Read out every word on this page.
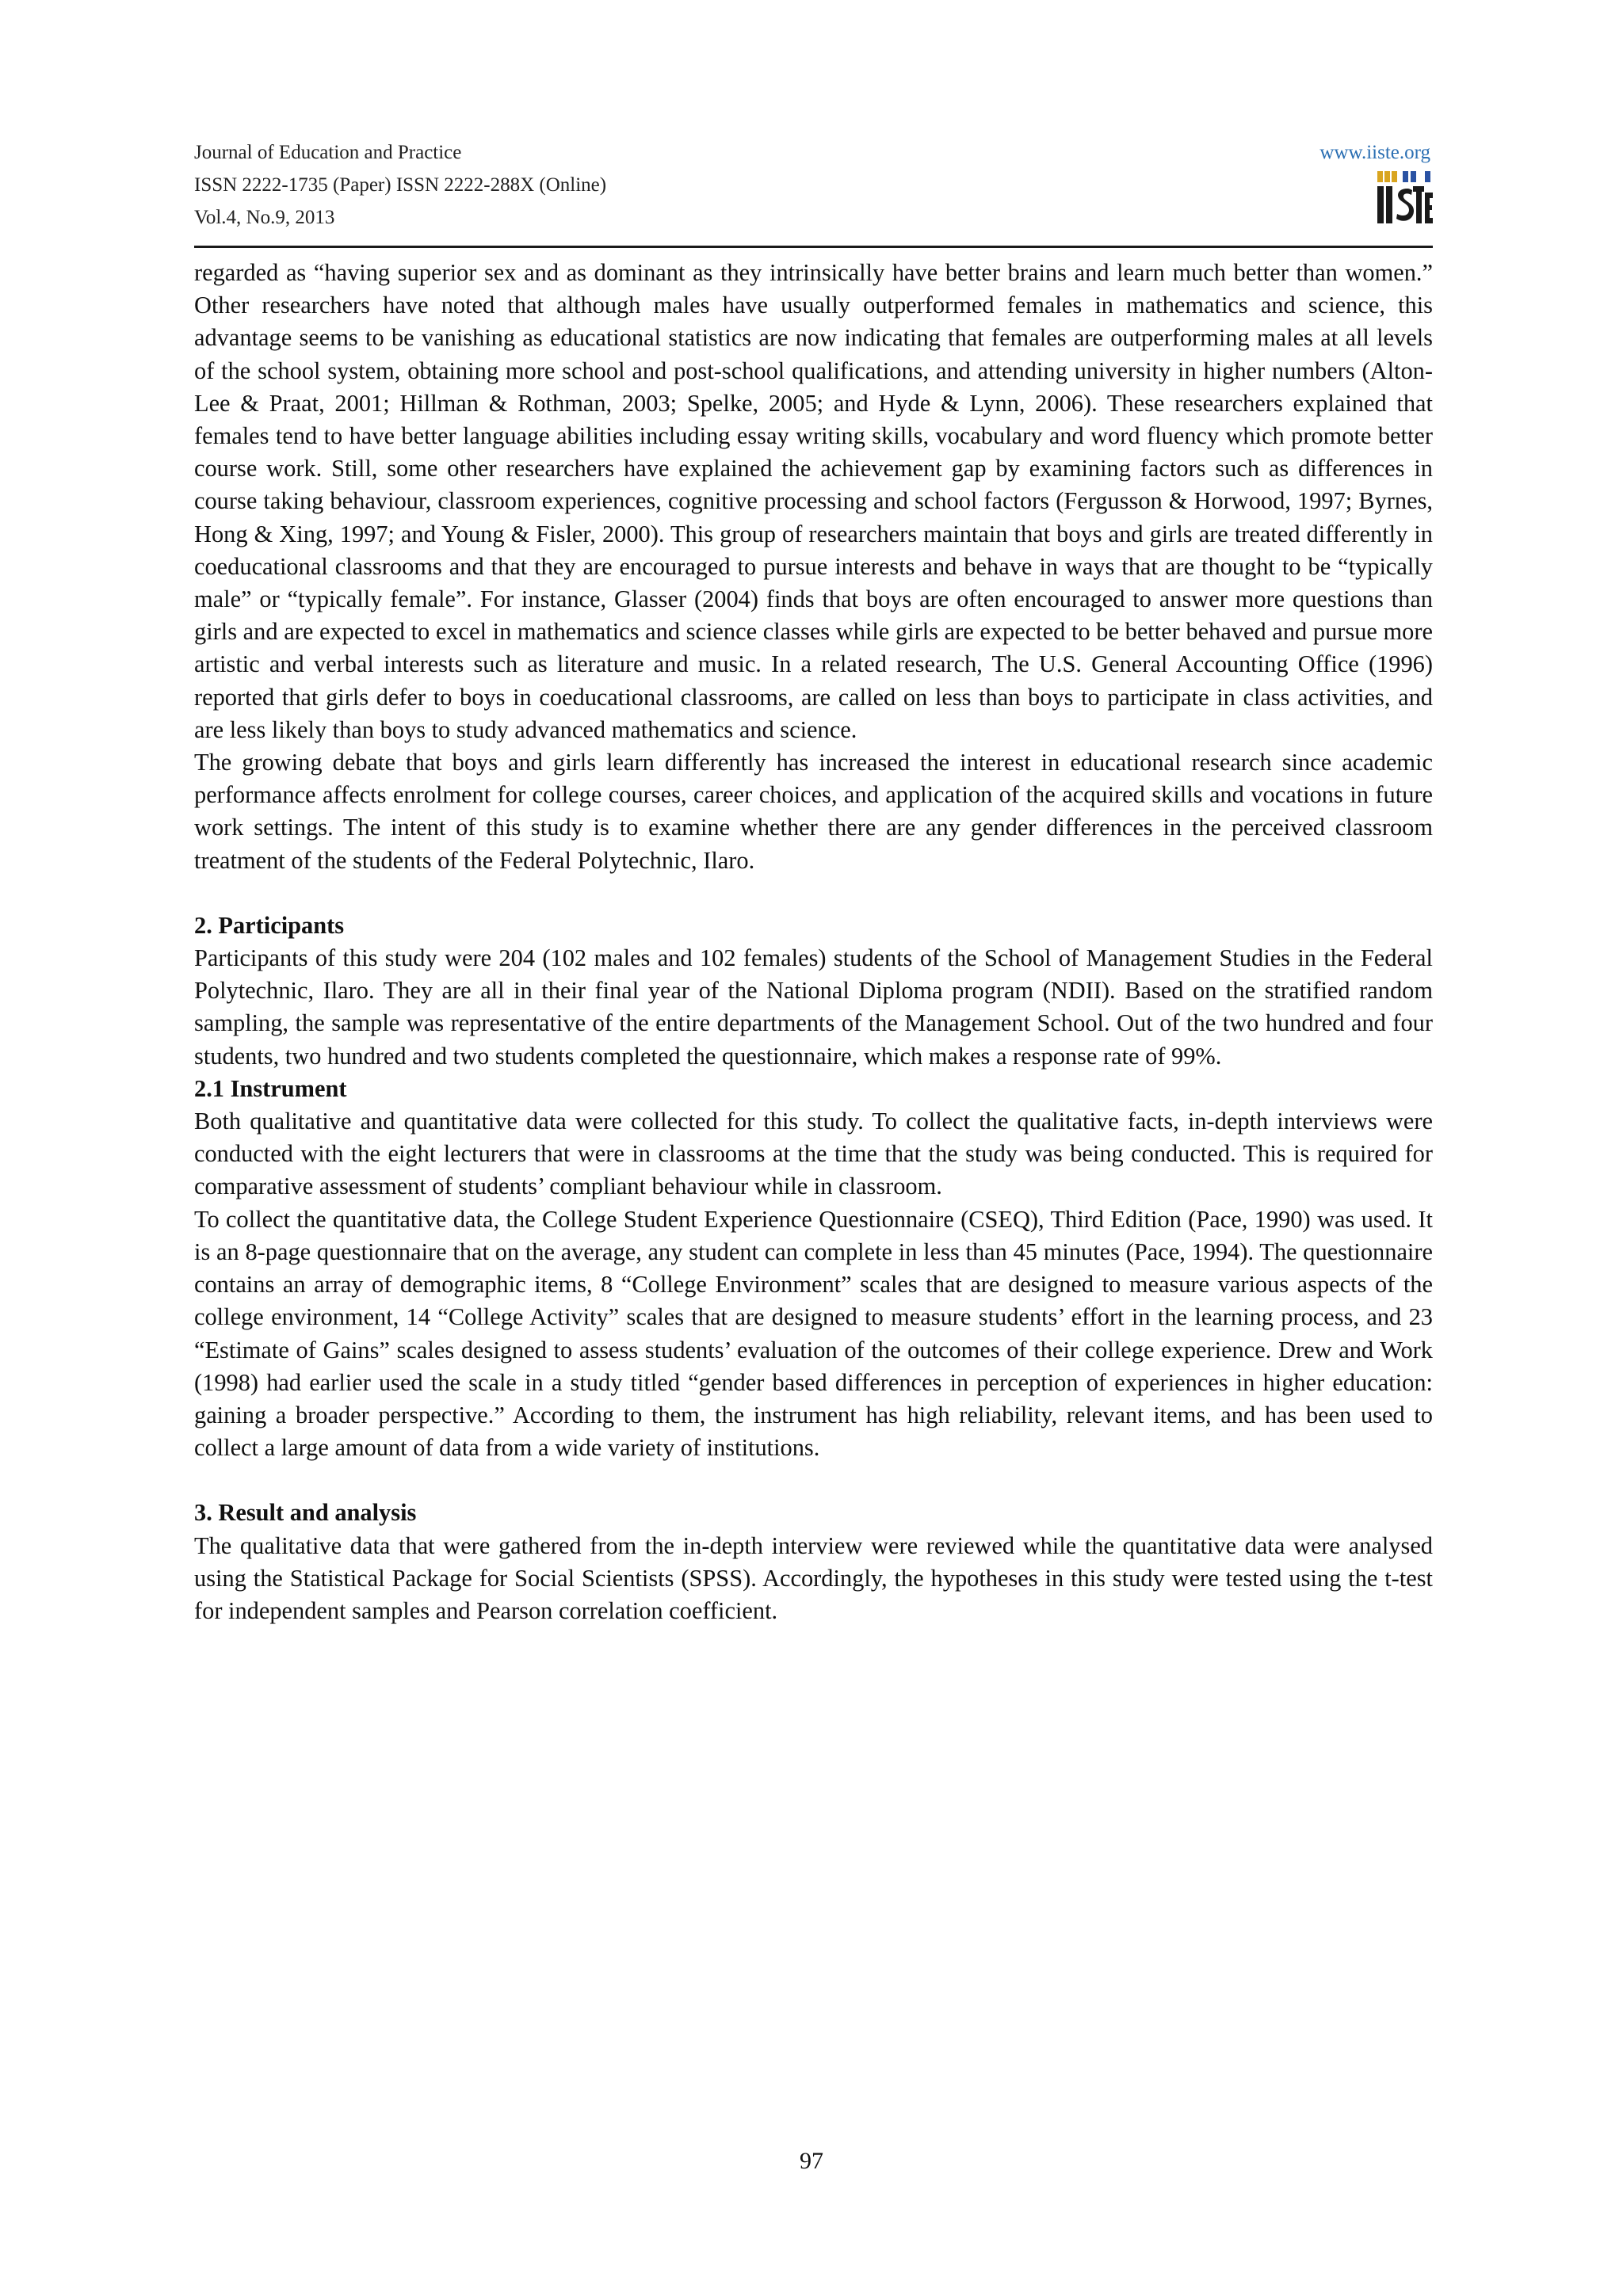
Journal of Education and Practice
ISSN 2222-1735 (Paper) ISSN 2222-288X (Online)
Vol.4, No.9, 2013
www.iiste.org

regarded as “having superior sex and as dominant as they intrinsically have better brains and learn much better than women.” Other researchers have noted that although males have usually outperformed females in mathematics and science, this advantage seems to be vanishing as educational statistics are now indicating that females are outperforming males at all levels of the school system, obtaining more school and post-school qualifications, and attending university in higher numbers (Alton-Lee & Praat, 2001; Hillman & Rothman, 2003; Spelke, 2005; and Hyde & Lynn, 2006). These researchers explained that females tend to have better language abilities including essay writing skills, vocabulary and word fluency which promote better course work. Still, some other researchers have explained the achievement gap by examining factors such as differences in course taking behaviour, classroom experiences, cognitive processing and school factors (Fergusson & Horwood, 1997; Byrnes, Hong & Xing, 1997; and Young & Fisler, 2000). This group of researchers maintain that boys and girls are treated differently in coeducational classrooms and that they are encouraged to pursue interests and behave in ways that are thought to be “typically male” or “typically female”. For instance, Glasser (2004) finds that boys are often encouraged to answer more questions than girls and are expected to excel in mathematics and science classes while girls are expected to be better behaved and pursue more artistic and verbal interests such as literature and music. In a related research, The U.S. General Accounting Office (1996) reported that girls defer to boys in coeducational classrooms, are called on less than boys to participate in class activities, and are less likely than boys to study advanced mathematics and science.

The growing debate that boys and girls learn differently has increased the interest in educational research since academic performance affects enrolment for college courses, career choices, and application of the acquired skills and vocations in future work settings. The intent of this study is to examine whether there are any gender differences in the perceived classroom treatment of the students of the Federal Polytechnic, Ilaro.

2. Participants

Participants of this study were 204 (102 males and 102 females) students of the School of Management Studies in the Federal Polytechnic, Ilaro. They are all in their final year of the National Diploma program (NDII). Based on the stratified random sampling, the sample was representative of the entire departments of the Management School. Out of the two hundred and four students, two hundred and two students completed the questionnaire, which makes a response rate of 99%.

2.1 Instrument

Both qualitative and quantitative data were collected for this study. To collect the qualitative facts, in-depth interviews were conducted with the eight lecturers that were in classrooms at the time that the study was being conducted. This is required for comparative assessment of students’ compliant behaviour while in classroom.

To collect the quantitative data, the College Student Experience Questionnaire (CSEQ), Third Edition (Pace, 1990) was used. It is an 8-page questionnaire that on the average, any student can complete in less than 45 minutes (Pace, 1994). The questionnaire contains an array of demographic items, 8 “College Environment” scales that are designed to measure various aspects of the college environment, 14 “College Activity” scales that are designed to measure students’ effort in the learning process, and 23 “Estimate of Gains” scales designed to assess students’ evaluation of the outcomes of their college experience. Drew and Work (1998) had earlier used the scale in a study titled “gender based differences in perception of experiences in higher education: gaining a broader perspective.” According to them, the instrument has high reliability, relevant items, and has been used to collect a large amount of data from a wide variety of institutions.

3. Result and analysis

The qualitative data that were gathered from the in-depth interview were reviewed while the quantitative data were analysed using the Statistical Package for Social Scientists (SPSS). Accordingly, the hypotheses in this study were tested using the t-test for independent samples and Pearson correlation coefficient.

97
